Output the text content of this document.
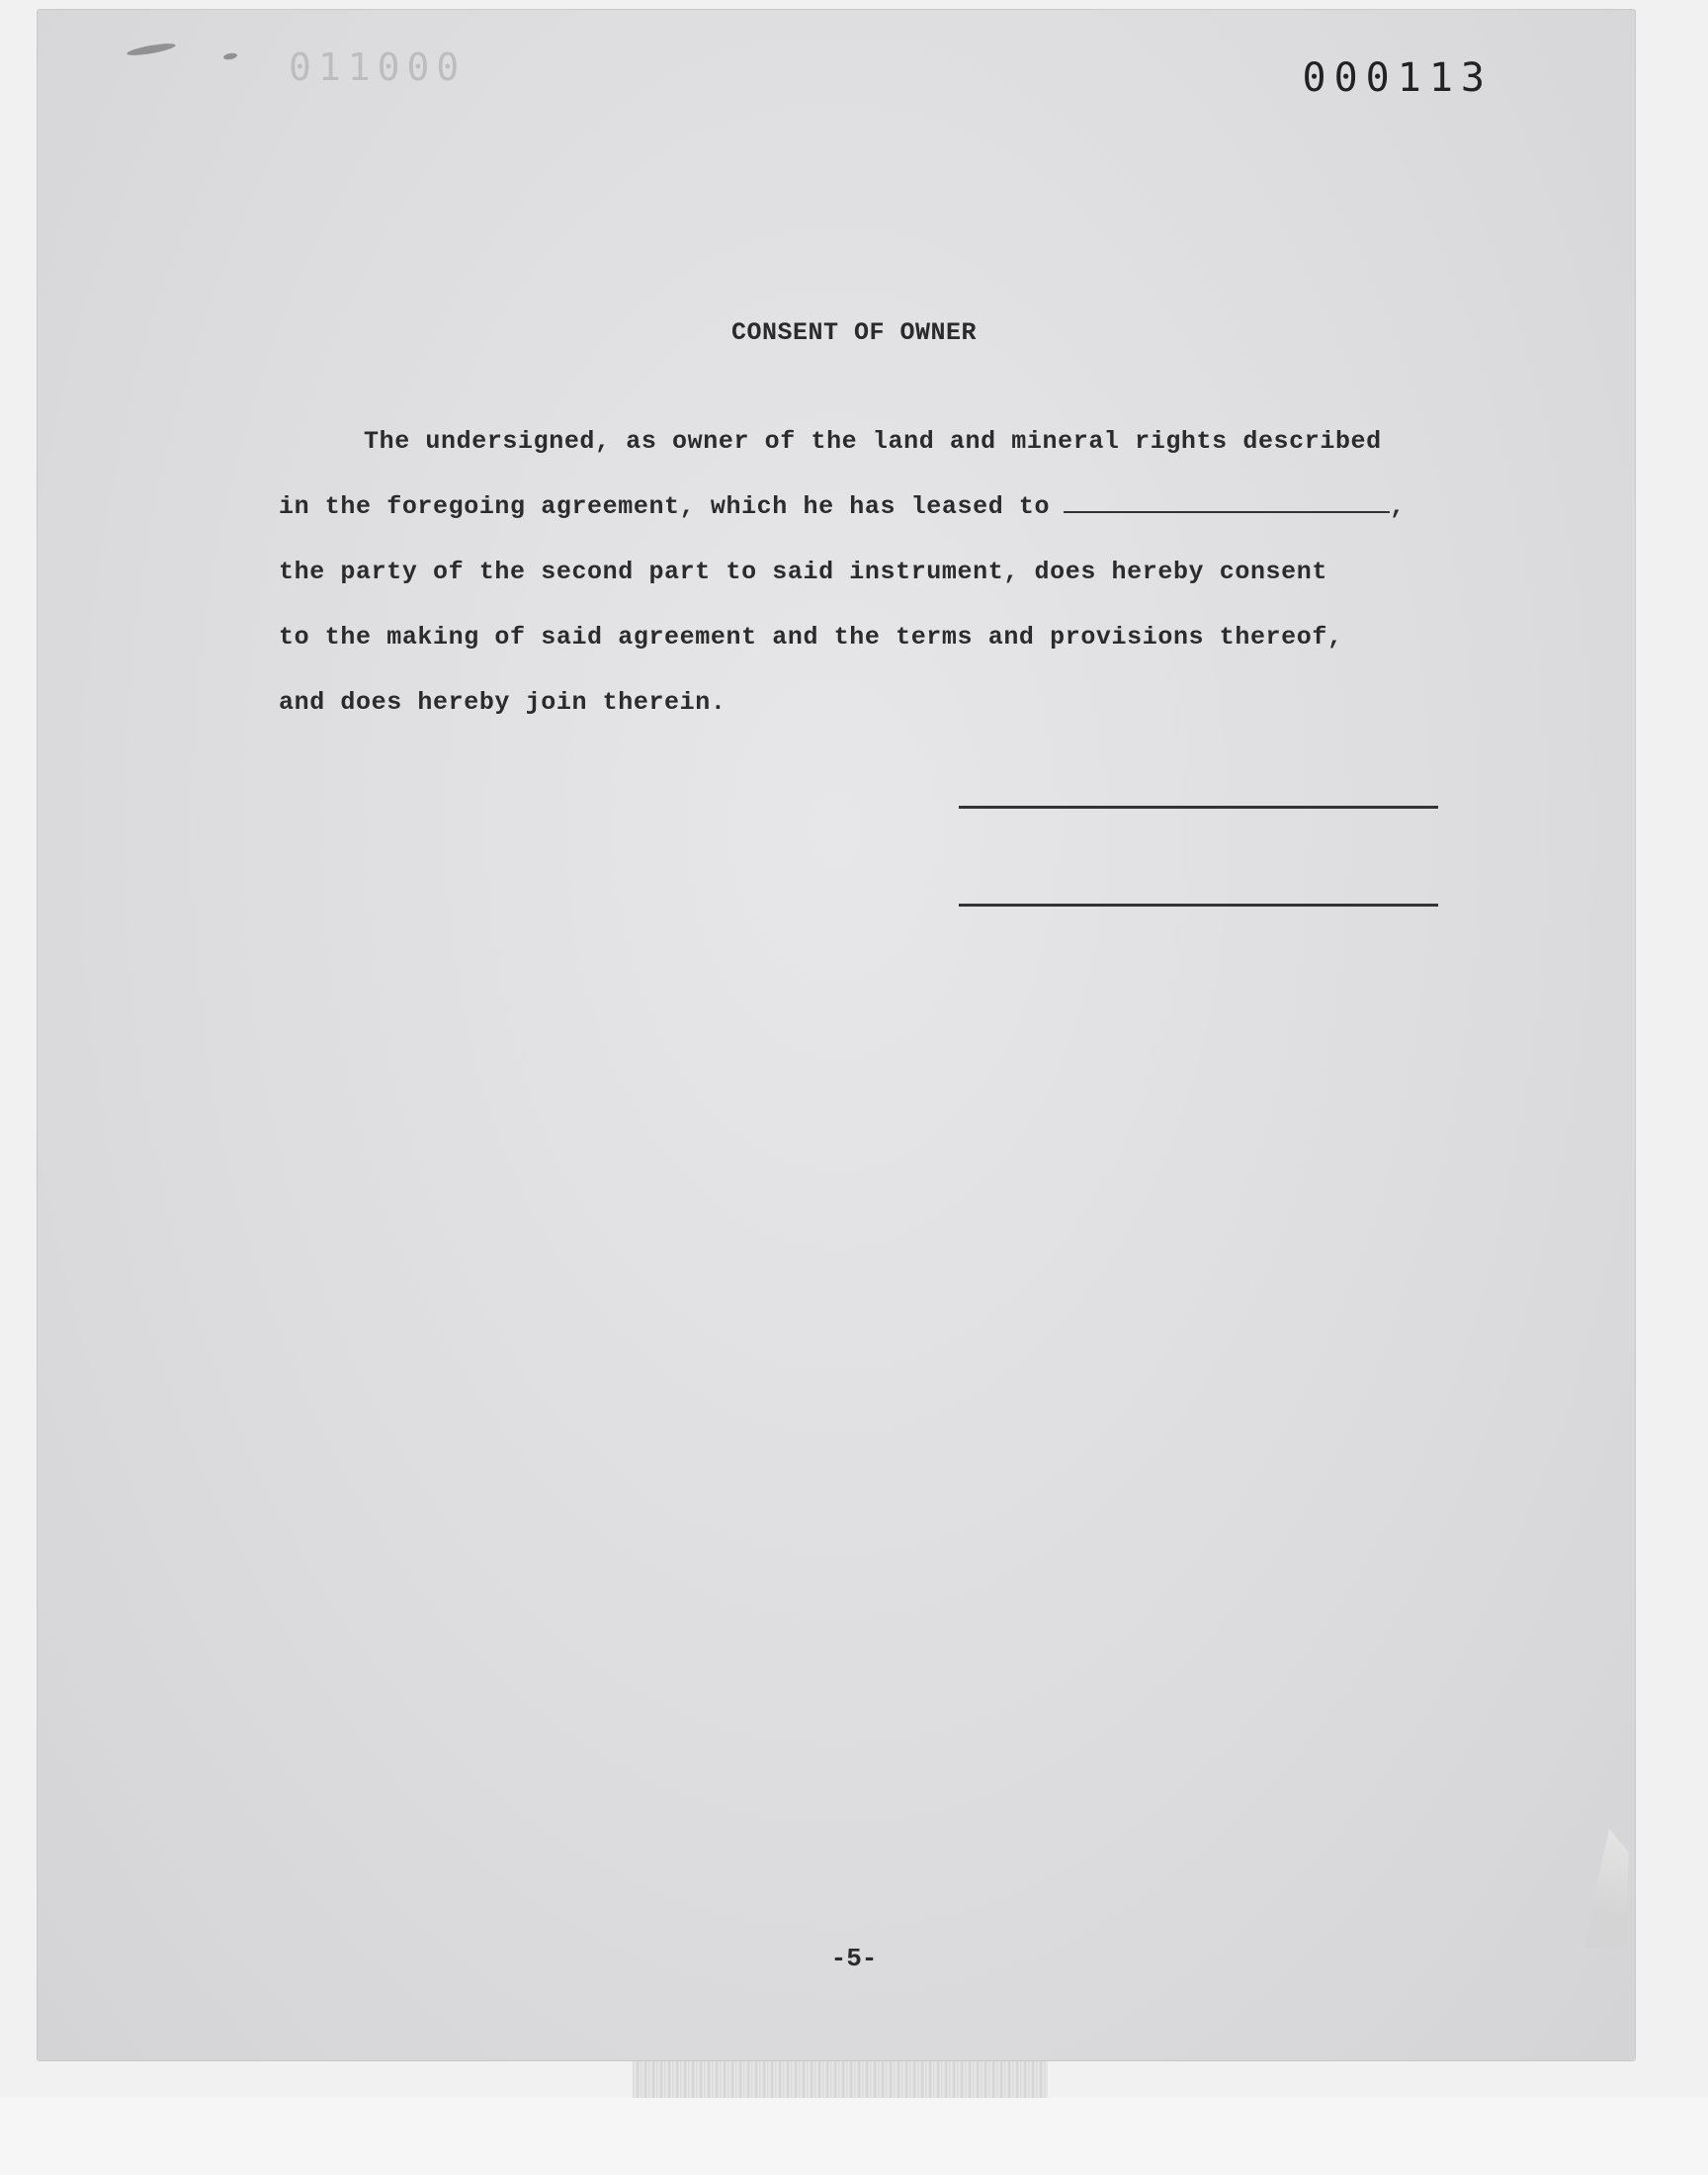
011000	000113
CONSENT OF OWNER
The undersigned, as owner of the land and mineral rights described
in the foregoing agreement, which he has leased to	,
the party of the second part to said instrument, does hereby consent
to the making of said agreement and the terms and provisions thereof,
and does hereby join therein.
-5-
